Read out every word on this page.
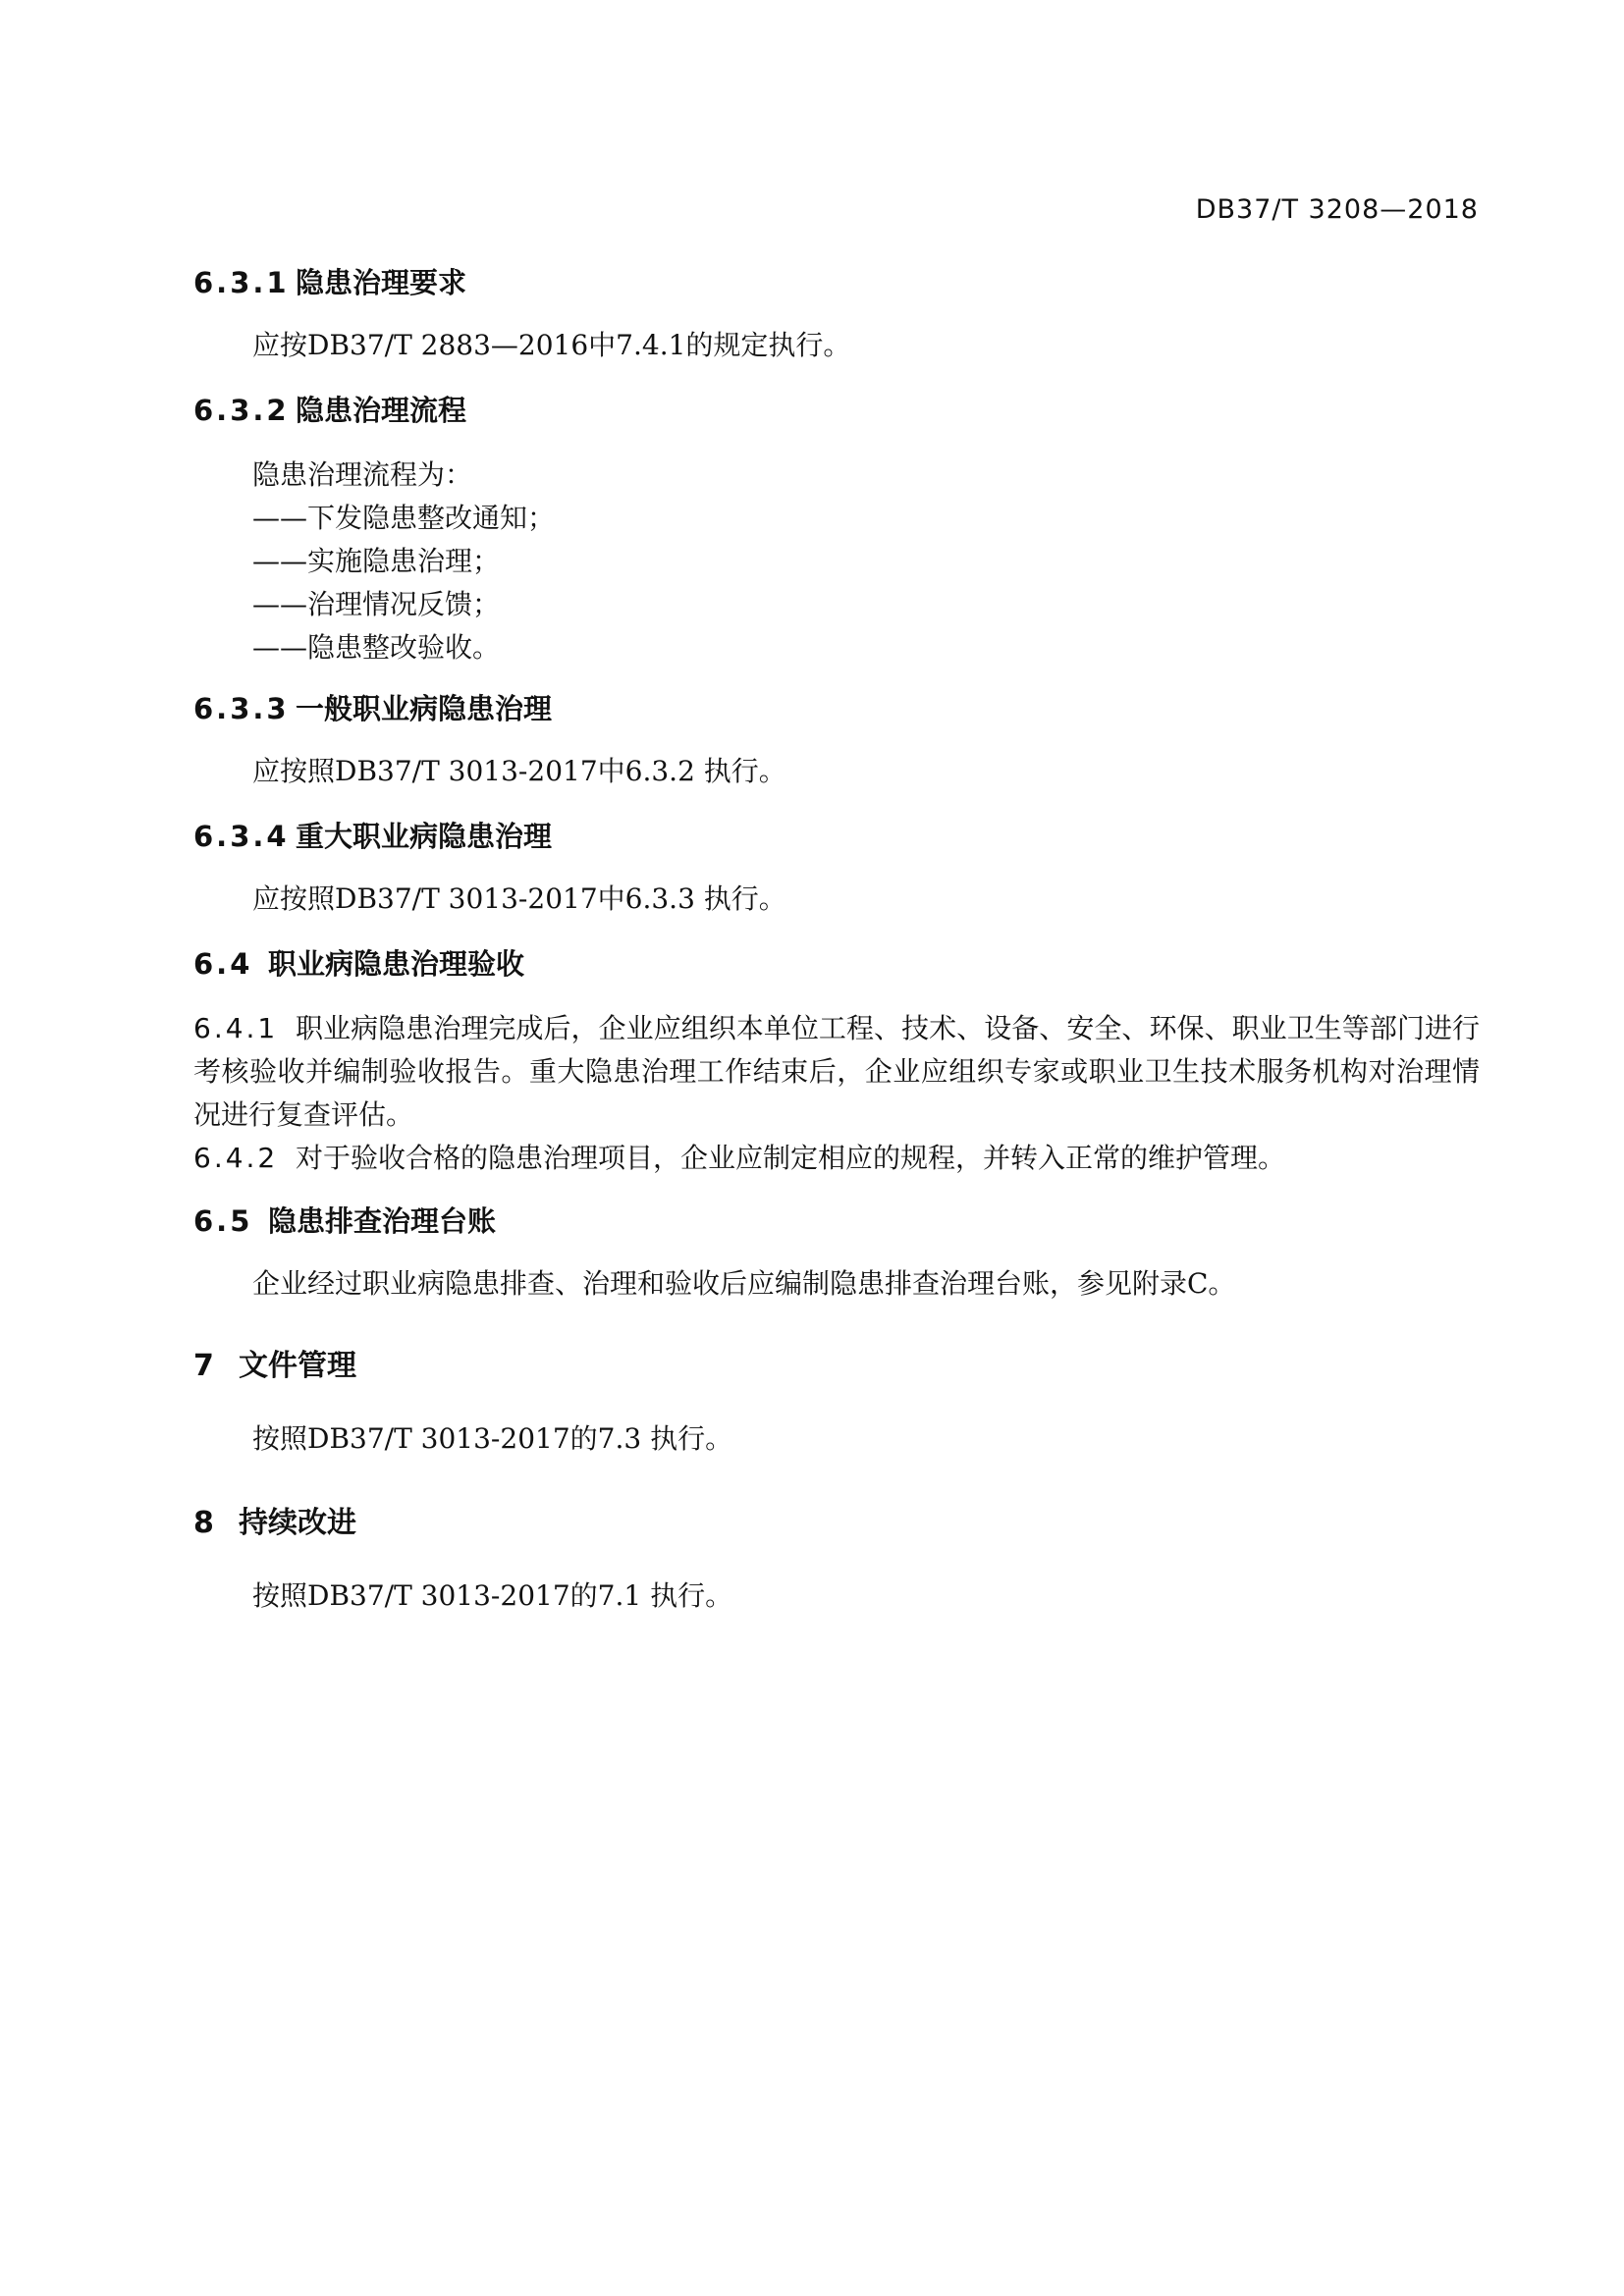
DB37/T 3208—2018
6.3.1 隐患治理要求

应按DB37/T 2883—2016中7.4.1的规定执行。

6.3.2 隐患治理流程

隐患治理流程为：

——下发隐患整改通知；
——实施隐患治理；
——治理情况反馈；
——隐患整改验收。
6.3.3 一般职业病隐患治理

应按照DB37/T 3013-2017中6.3.2 执行。

6.3.4 重大职业病隐患治理

应按照DB37/T 3013-2017中6.3.3 执行。

6.4 职业病隐患治理验收

6.4.1 职业病隐患治理完成后，企业应组织本单位工程、技术、设备、安全、环保、职业卫生等部门进行考核验收并编制验收报告。重大隐患治理工作结束后，企业应组织专家或职业卫生技术服务机构对治理情况进行复查评估。

6.4.2 对于验收合格的隐患治理项目，企业应制定相应的规程，并转入正常的维护管理。

6.5 隐患排查治理台账

企业经过职业病隐患排查、治理和验收后应编制隐患排查治理台账，参见附录C。

7 文件管理

按照DB37/T 3013-2017的7.3 执行。

8 持续改进

按照DB37/T 3013-2017的7.1 执行。
